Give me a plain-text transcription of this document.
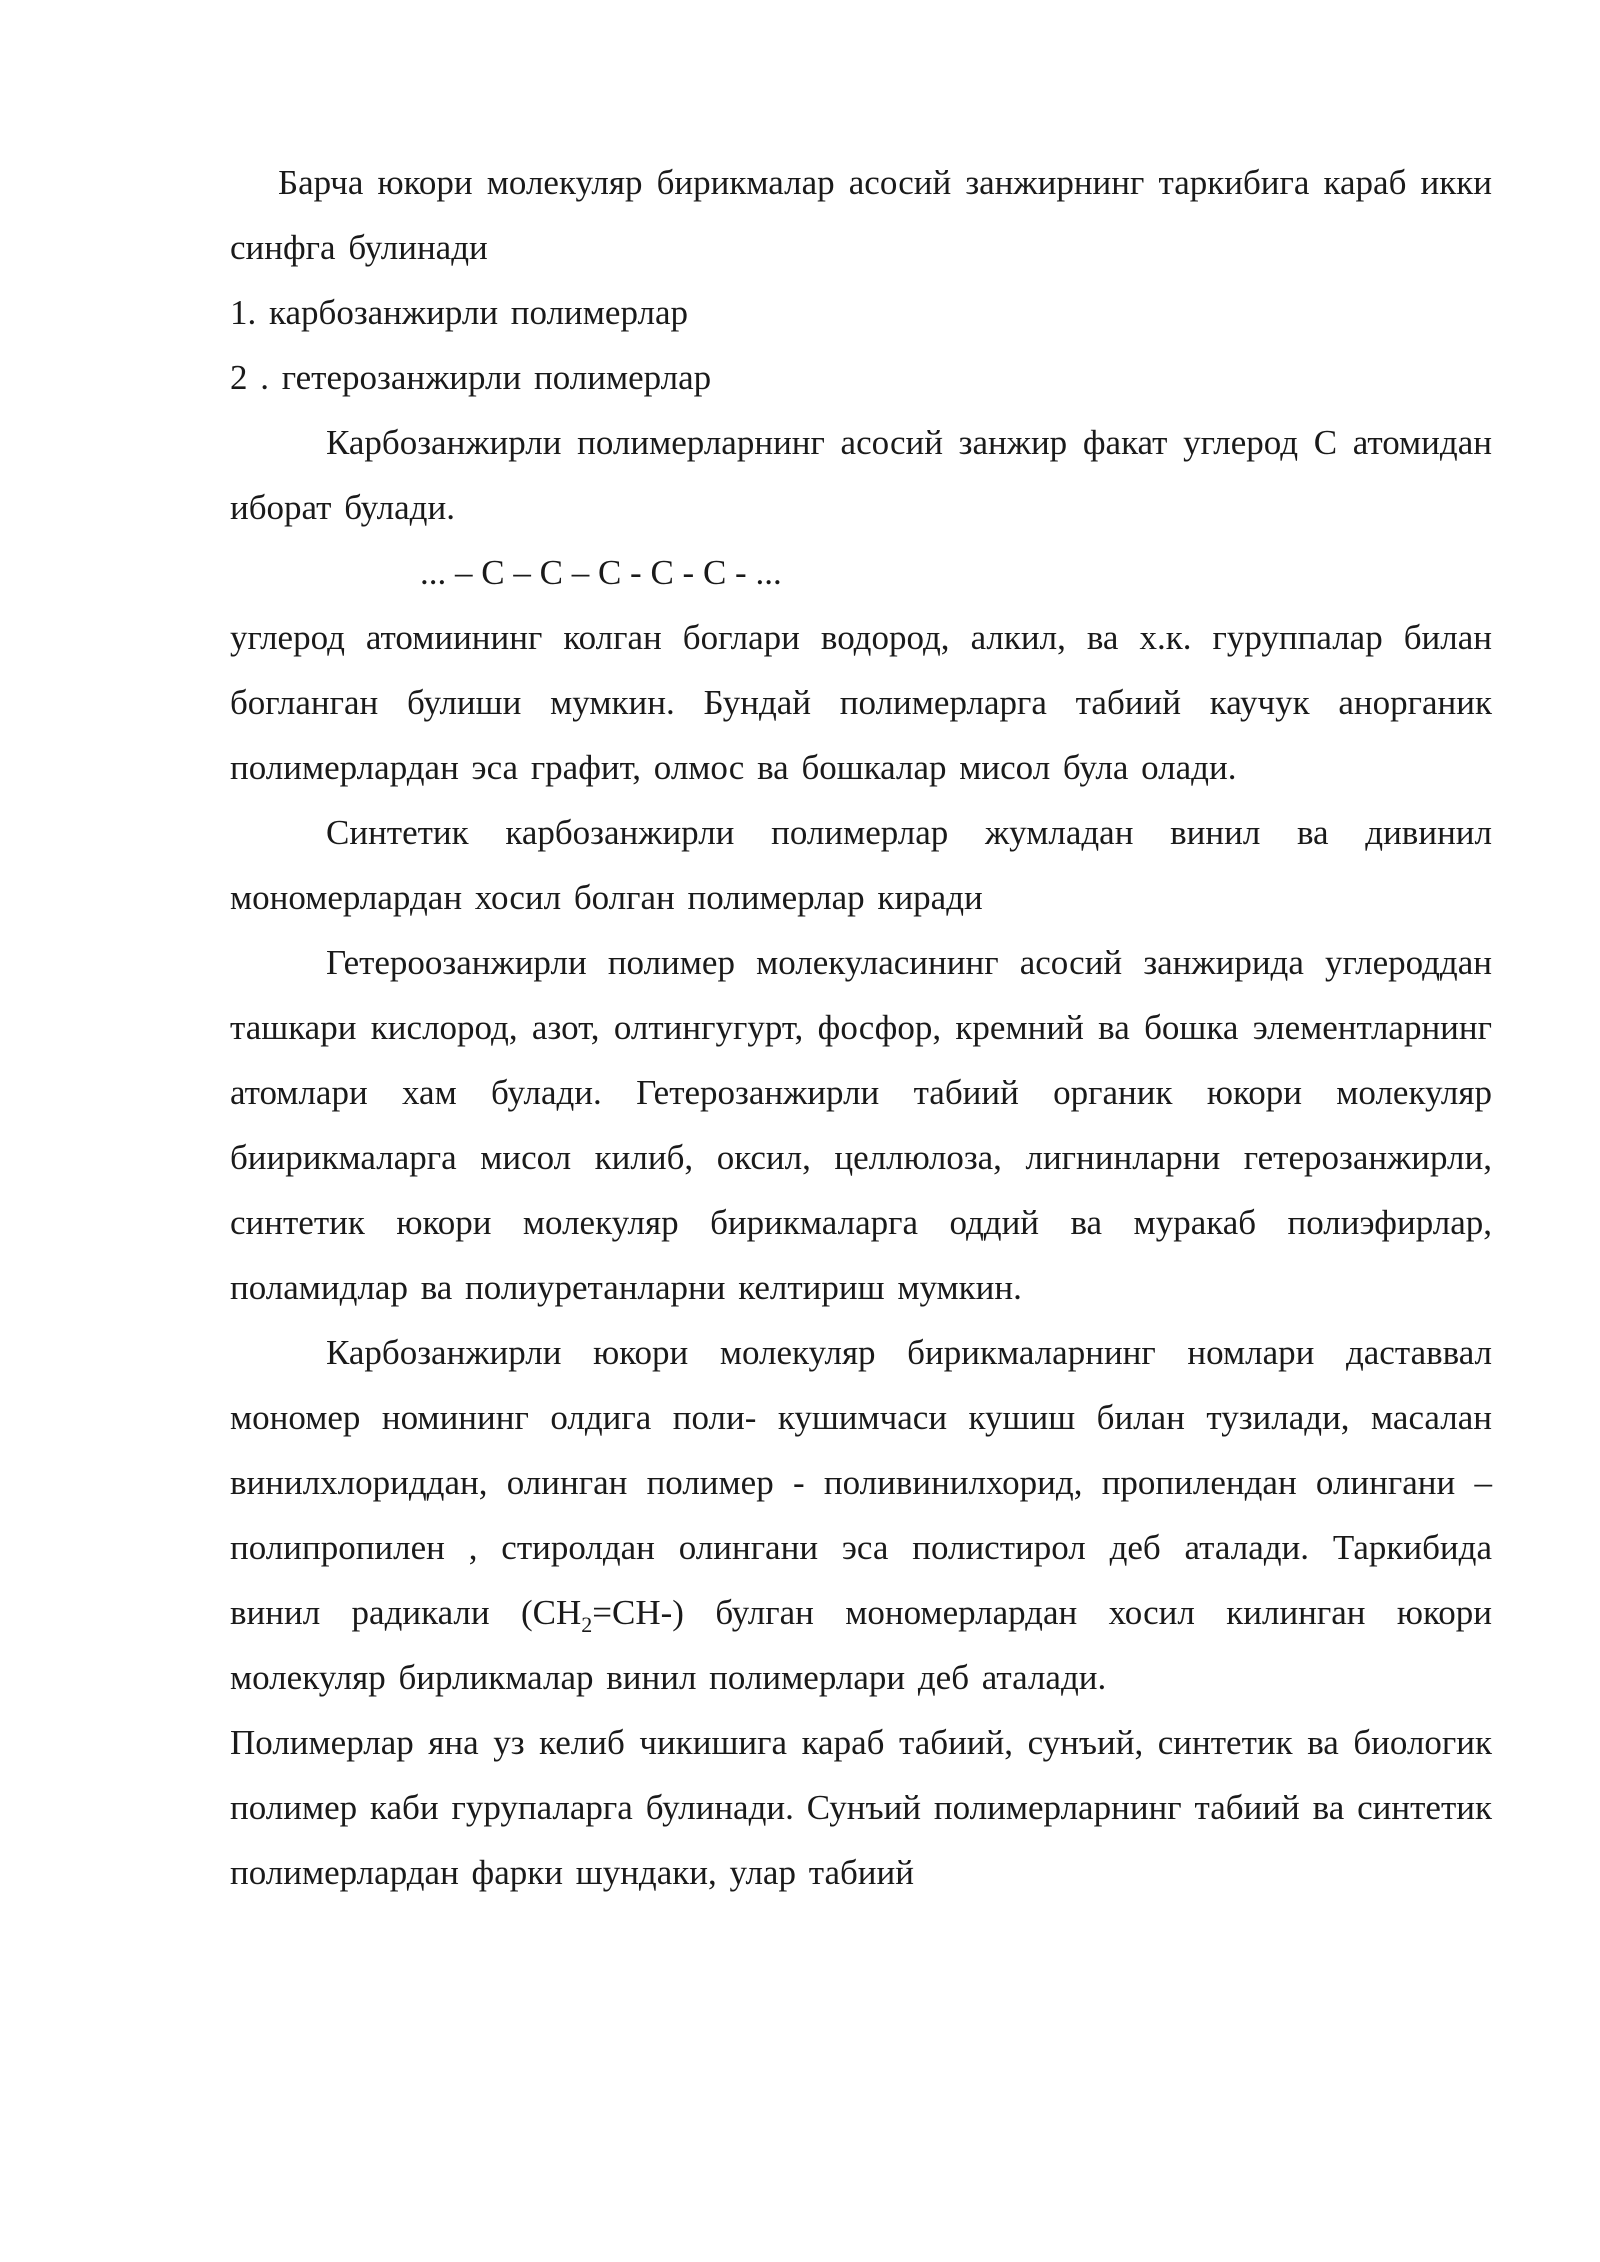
Барча юкори молекуляр бирикмалар асосий занжирнинг таркибига караб икки синфга булинади

1. карбозанжирли полимерлар

2 . гетерозанжирли полимерлар

Карбозанжирли полимерларнинг асосий занжир факат углерод С атомидан иборат булади.

... – C – C – C - C - C - ...

углерод атомиининг колган боглари водород, алкил, ва х.к. гуруппалар билан богланган булиши мумкин. Бундай полимерларга табиий каучук анорганик полимерлардан эса графит, олмос ва бошкалар мисол була олади.

Синтетик карбозанжирли полимерлар жумладан винил ва дивинил мономерлардан хосил болган полимерлар киради

Гетероозанжирли полимер молекуласининг асосий занжирида углероддан ташкари кислород, азот, олтингугурт, фосфор, кремний ва бошка элементларнинг атомлари хам булади. Гетерозанжирли табиий органик юкори молекуляр биирикмаларга мисол килиб, оксил, целлюлоза, лигнинларни гетерозанжирли, синтетик юкори молекуляр бирикмаларга оддий ва муракаб полиэфирлар, поламидлар ва полиуретанларни келтириш мумкин.

Карбозанжирли юкори молекуляр бирикмаларнинг номлари даставвал мономер номининг олдига поли- кушимчаси кушиш билан тузилади, масалан винилхлориддан, олинган полимер - поливинилхорид, пропилендан олингани – полипропилен , стиролдан олингани эса полистирол деб аталади. Таркибида винил радикали $(CH_2=CH-)$ булган мономерлардан хосил килинган юкори молекуляр бирликмалар винил полимерлари деб аталади.

Полимерлар яна уз келиб чикишига караб табиий, сунъий, синтетик ва биологик полимер каби гурупаларга булинади. Сунъий полимерларнинг табиий ва синтетик полимерлардан фарки шундаки, улар табиий
